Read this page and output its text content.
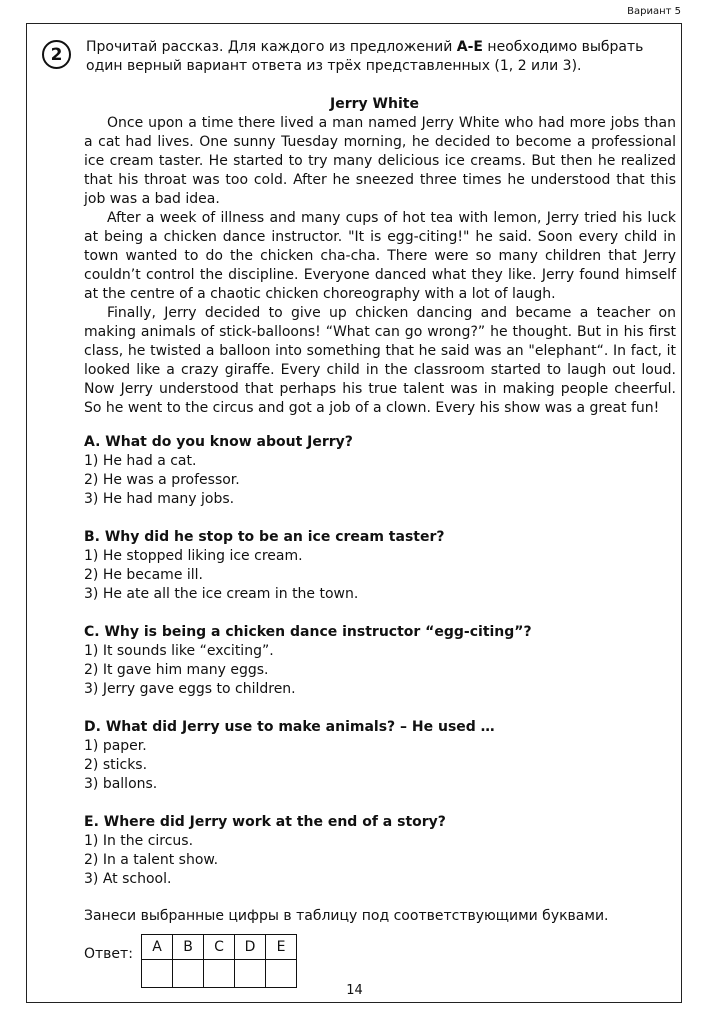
Вариант 5
2 Прочитай рассказ. Для каждого из предложений A-E необходимо выбрать один верный вариант ответа из трёх представленных (1, 2 или 3).
Jerry White

Once upon a time there lived a man named Jerry White who had more jobs than a cat had lives. One sunny Tuesday morning, he decided to become a professional ice cream taster. He started to try many delicious ice creams. But then he realized that his throat was too cold. After he sneezed three times he understood that this job was a bad idea.

After a week of illness and many cups of hot tea with lemon, Jerry tried his luck at being a chicken dance instructor. "It is egg-citing!" he said. Soon every child in town wanted to do the chicken cha-cha. There were so many children that Jerry couldn’t control the discipline. Everyone danced what they like. Jerry found himself at the centre of a chaotic chicken choreography with a lot of laugh.

Finally, Jerry decided to give up chicken dancing and became a teacher on making animals of stick-balloons! “What can go wrong?” he thought. But in his first class, he twisted a balloon into something that he said was an "elephant“. In fact, it looked like a crazy giraffe. Every child in the classroom started to laugh out loud. Now Jerry understood that perhaps his true talent was in making people cheerful. So he went to the circus and got a job of a clown. Every his show was a great fun!

A. What do you know about Jerry?
1) He had a cat.
2) He was a professor.
3) He had many jobs.
B. Why did he stop to be an ice cream taster?
1) He stopped liking ice cream.
2) He became ill.
3) He ate all the ice cream in the town.
C. Why is being a chicken dance instructor “egg-citing”?
1) It sounds like “exciting”.
2) It gave him many eggs.
3) Jerry gave eggs to children.
D. What did Jerry use to make animals? – He used …
1) paper.
2) sticks.
3) ballons.
E. Where did Jerry work at the end of a story?
1) In the circus.
2) In a talent show.
3) At school.
Занеси выбранные цифры в таблицу под соответствующими буквами.
Ответ: A	B	C	D	E

14
